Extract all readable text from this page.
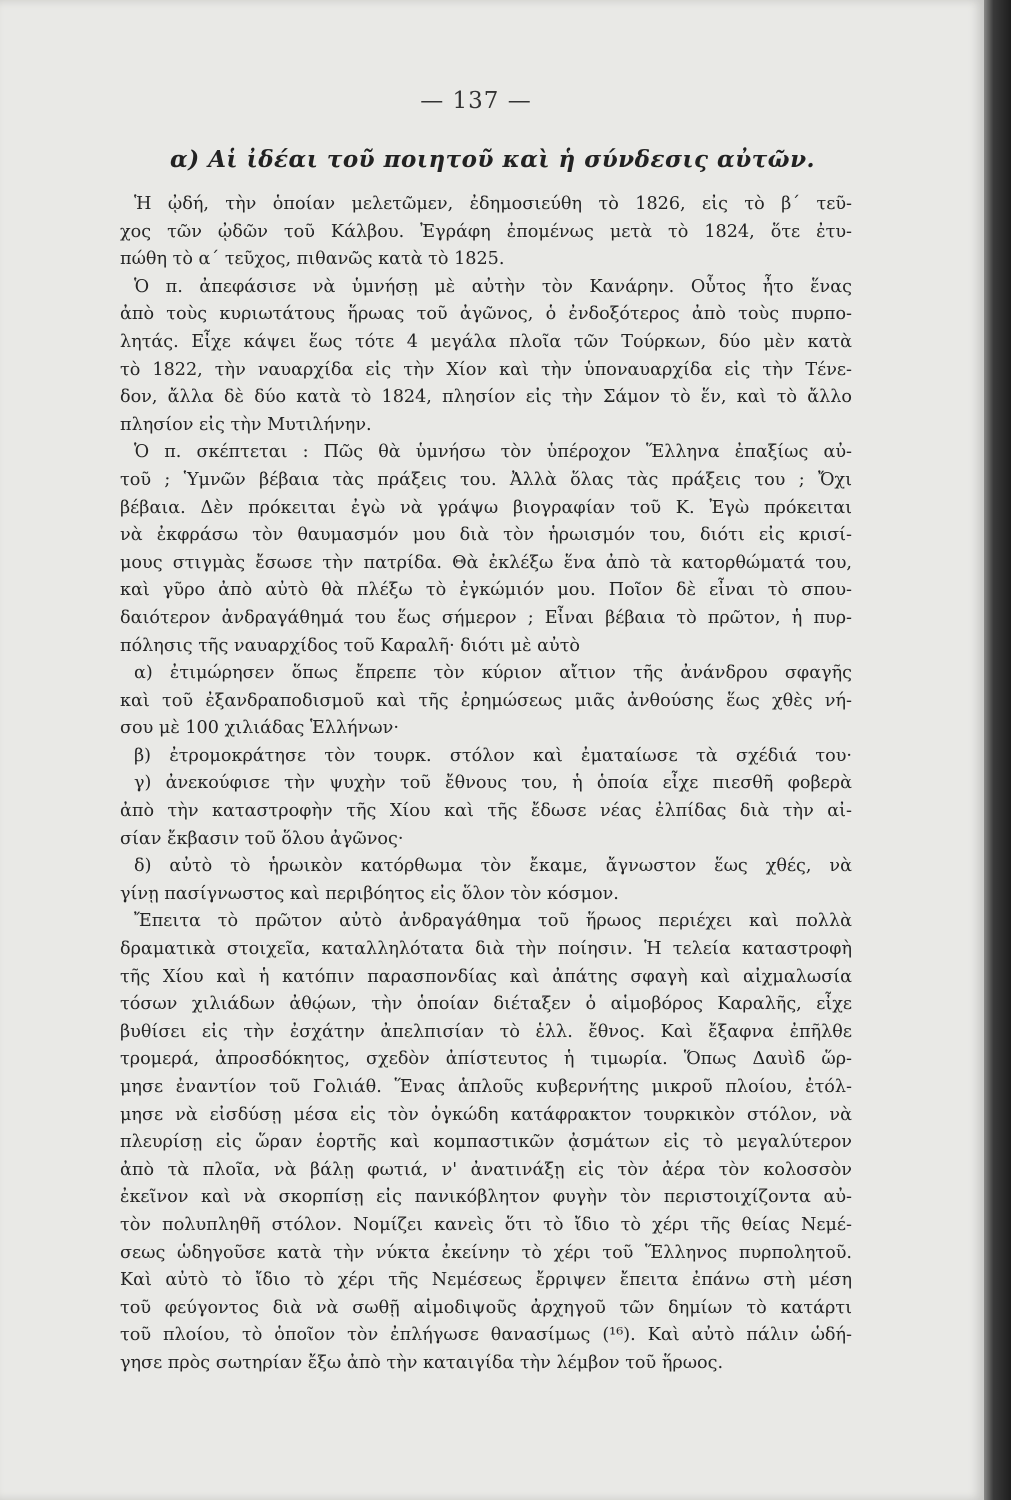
— 137 —
α) Αἱ ἰδέαι τοῦ ποιητοῦ καὶ ἡ σύνδεσις αὐτῶν.
Ἡ ᾠδή, τὴν ὁποίαν μελετῶμεν, ἐδημοσιεύθη τὸ 1826, εἰς τὸ β΄ τεῦ-
χος τῶν ᾠδῶν τοῦ Κάλβου. Ἐγράφη ἐπομένως μετὰ τὸ 1824, ὅτε ἐτυ-
πώθη τὸ α΄ τεῦχος, πιθανῶς κατὰ τὸ 1825.
Ὁ π. ἀπεφάσισε νὰ ὑμνήσῃ μὲ αὐτὴν τὸν Κανάρην. Οὗτος ἦτο ἕνας
ἀπὸ τοὺς κυριωτάτους ἥρωας τοῦ ἀγῶνος, ὁ ἐνδοξότερος ἀπὸ τοὺς πυρπο-
λητάς. Εἶχε κάψει ἕως τότε 4 μεγάλα πλοῖα τῶν Τούρκων, δύο μὲν κατὰ
τὸ 1822, τὴν ναυαρχίδα εἰς τὴν Χίον καὶ τὴν ὑποναυαρχίδα εἰς τὴν Τένε-
δον, ἄλλα δὲ δύο κατὰ τὸ 1824, πλησίον εἰς τὴν Σάμον τὸ ἕν, καὶ τὸ ἄλλο
πλησίον εἰς τὴν Μυτιλήνην.
Ὁ π. σκέπτεται : Πῶς θὰ ὑμνήσω τὸν ὑπέροχον Ἕλληνα ἐπαξίως αὐ-
τοῦ ; Ὑμνῶν βέβαια τὰς πράξεις του. Ἀλλὰ ὅλας τὰς πράξεις του ; Ὄχι
βέβαια. Δὲν πρόκειται ἐγὼ νὰ γράψω βιογραφίαν τοῦ Κ. Ἐγὼ πρόκειται
νὰ ἐκφράσω τὸν θαυμασμόν μου διὰ τὸν ἡρωισμόν του, διότι εἰς κρισί-
μους στιγμὰς ἔσωσε τὴν πατρίδα. Θὰ ἐκλέξω ἕνα ἀπὸ τὰ κατορθώματά του,
καὶ γῦρο ἀπὸ αὐτὸ θὰ πλέξω τὸ ἐγκώμιόν μου. Ποῖον δὲ εἶναι τὸ σπου-
δαιότερον ἀνδραγάθημά του ἕως σήμερον ; Εἶναι βέβαια τὸ πρῶτον, ἡ πυρ-
πόλησις τῆς ναυαρχίδος τοῦ Καραλῆ· διότι μὲ αὐτὸ
α) ἐτιμώρησεν ὅπως ἔπρεπε τὸν κύριον αἴτιον τῆς ἀνάνδρου σφαγῆς
καὶ τοῦ ἐξανδραποδισμοῦ καὶ τῆς ἐρημώσεως μιᾶς ἀνθούσης ἕως χθὲς νή-
σου μὲ 100 χιλιάδας Ἑλλήνων·
β) ἐτρομοκράτησε τὸν τουρκ. στόλον καὶ ἐματαίωσε τὰ σχέδιά του·
γ) ἀνεκούφισε τὴν ψυχὴν τοῦ ἔθνους του, ἡ ὁποία εἶχε πιεσθῆ φοβερὰ
ἀπὸ τὴν καταστροφὴν τῆς Χίου καὶ τῆς ἔδωσε νέας ἐλπίδας διὰ τὴν αἰ-
σίαν ἔκβασιν τοῦ ὅλου ἀγῶνος·
δ) αὐτὸ τὸ ἡρωικὸν κατόρθωμα τὸν ἔκαμε, ἄγνωστον ἕως χθές, νὰ
γίνῃ πασίγνωστος καὶ περιβόητος εἰς ὅλον τὸν κόσμον.
Ἔπειτα τὸ πρῶτον αὐτὸ ἀνδραγάθημα τοῦ ἥρωος περιέχει καὶ πολλὰ
δραματικὰ στοιχεῖα, καταλληλότατα διὰ τὴν ποίησιν. Ἡ τελεία καταστροφὴ
τῆς Χίου καὶ ἡ κατόπιν παρασπονδίας καὶ ἀπάτης σφαγὴ καὶ αἰχμαλωσία
τόσων χιλιάδων ἀθῴων, τὴν ὁποίαν διέταξεν ὁ αἱμοβόρος Καραλῆς, εἶχε
βυθίσει εἰς τὴν ἐσχάτην ἀπελπισίαν τὸ ἑλλ. ἔθνος. Καὶ ἔξαφνα ἐπῆλθε
τρομερά, ἀπροσδόκητος, σχεδὸν ἀπίστευτος ἡ τιμωρία. Ὅπως Δαυὶδ ὥρ-
μησε ἐναντίον τοῦ Γολιάθ. Ἕνας ἁπλοῦς κυβερνήτης μικροῦ πλοίου, ἐτόλ-
μησε νὰ εἰσδύσῃ μέσα εἰς τὸν ὀγκώδη κατάφρακτον τουρκικὸν στόλον, νὰ
πλευρίσῃ εἰς ὥραν ἑορτῆς καὶ κομπαστικῶν ᾀσμάτων εἰς τὸ μεγαλύτερον
ἀπὸ τὰ πλοῖα, νὰ βάλῃ φωτιά, ν' ἀνατινάξῃ εἰς τὸν ἀέρα τὸν κολοσσὸν
ἐκεῖνον καὶ νὰ σκορπίσῃ εἰς πανικόβλητον φυγὴν τὸν περιστοιχίζοντα αὐ-
τὸν πολυπληθῆ στόλον. Νομίζει κανεὶς ὅτι τὸ ἴδιο τὸ χέρι τῆς θείας Νεμέ-
σεως ὡδηγοῦσε κατὰ τὴν νύκτα ἐκείνην τὸ χέρι τοῦ Ἕλληνος πυρπολητοῦ.
Καὶ αὐτὸ τὸ ἴδιο τὸ χέρι τῆς Νεμέσεως ἔρριψεν ἔπειτα ἐπάνω στὴ μέση
τοῦ φεύγοντος διὰ νὰ σωθῇ αἱμοδιψοῦς ἀρχηγοῦ τῶν δημίων τὸ κατάρτι
τοῦ πλοίου, τὸ ὁποῖον τὸν ἐπλήγωσε θανασίμως (¹⁶). Καὶ αὐτὸ πάλιν ὡδή-
γησε πρὸς σωτηρίαν ἔξω ἀπὸ τὴν καταιγίδα τὴν λέμβον τοῦ ἥρωος.
